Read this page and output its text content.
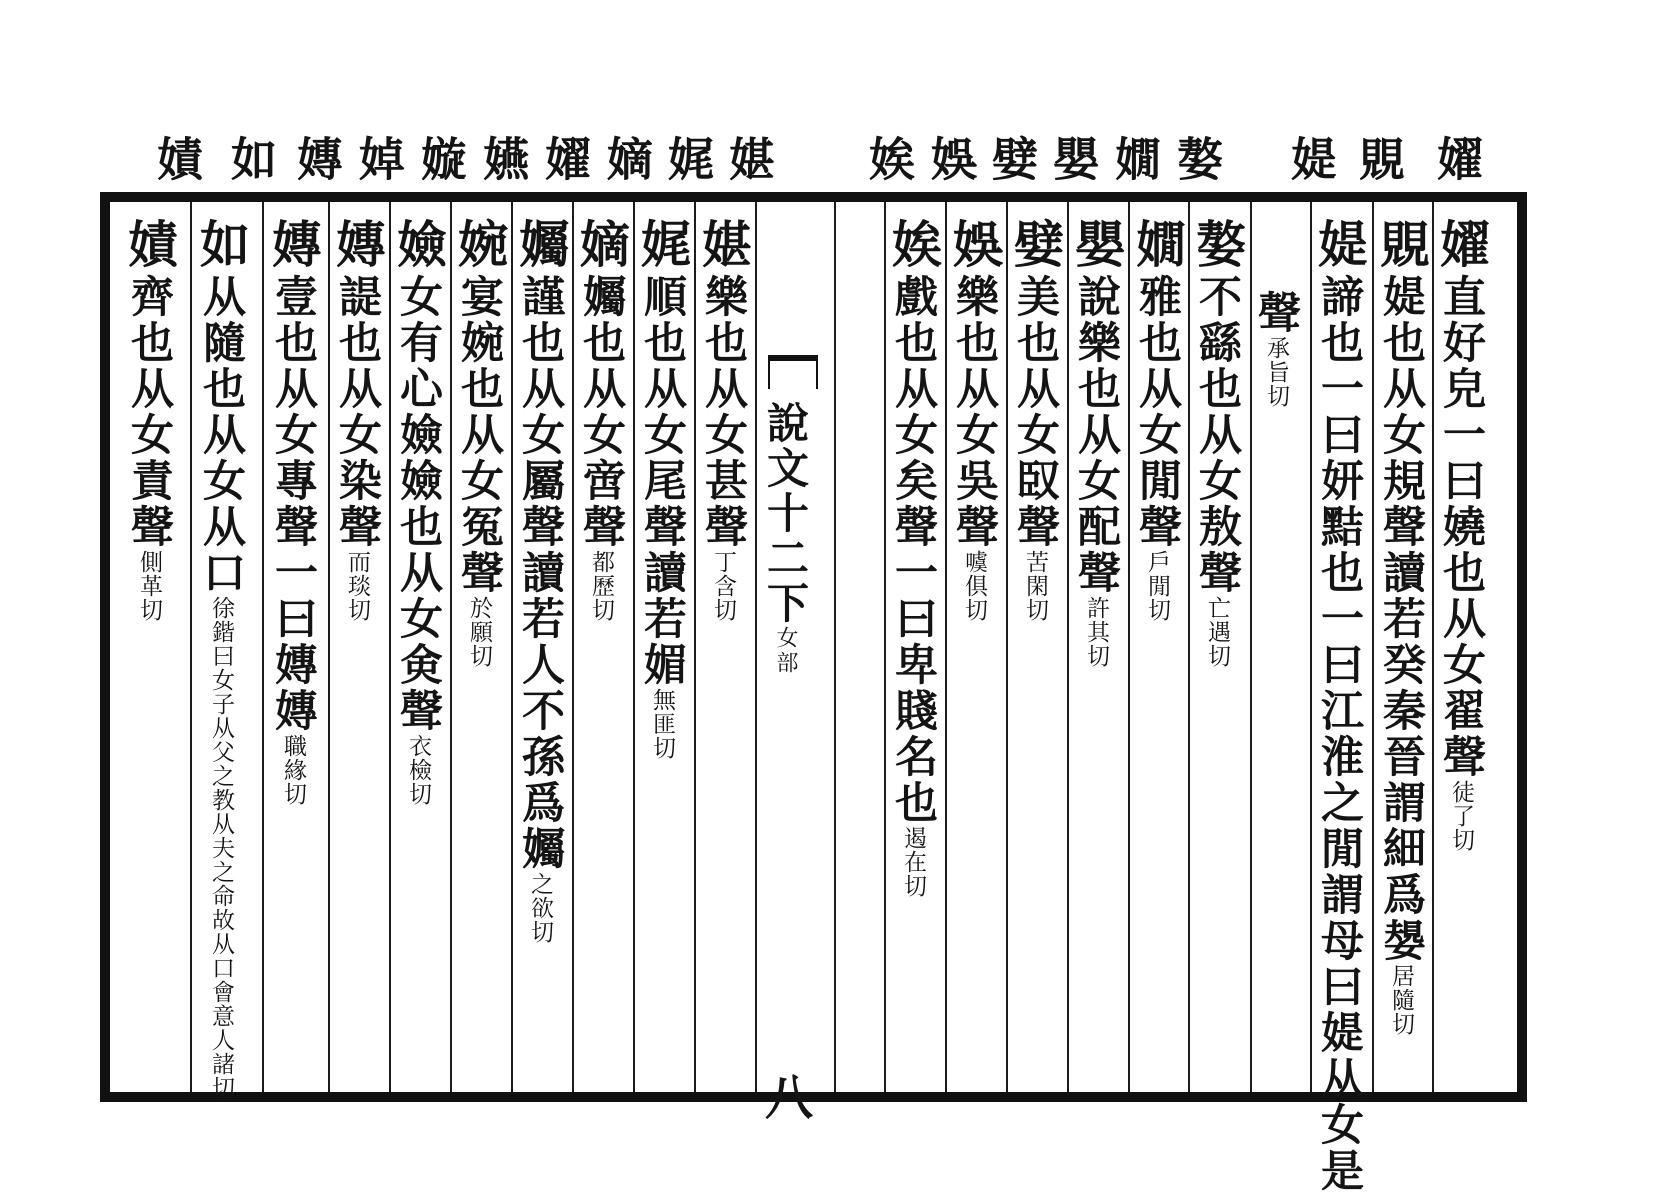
嬥
覞
媞
嫯
嫺
嬰
嬖
娛
娭
媅
娓
嫡
嬥
嬿
嫙
婥
嫥
如
嫧
嬥直好皃一曰嬈也从女翟聲徒了切
覞媞也从女規聲讀若癸秦晉謂細爲嫢居隨切
媞諦也一曰妍黠也一曰江淮之閒謂母曰媞从女是
聲承旨切
嫯不繇也从女敖聲亡遇切
嫺雅也从女閒聲戶閒切
嬰說樂也从女配聲許其切
嬖美也从女臤聲苦閑切
娛樂也从女吳聲噳俱切
娭戲也从女矣聲一曰卑賤名也遏在切
說文十二下女部
八
媅樂也从女甚聲丁含切
娓順也从女尾聲讀若媚無匪切
嫡孎也从女啻聲都歷切
孎謹也从女屬聲讀若人不孫爲孎之欲切
婉宴婉也从女冤聲於願切
嬐女有心嬐嬐也从女㑒聲衣檢切
嫥諟也从女染聲而琰切
嫥壹也从女專聲一曰嫥嫥職緣切
如从隨也从女从口徐鍇曰女子从父之教从夫之命故从口會意人諸切
嫧齊也从女責聲側革切
